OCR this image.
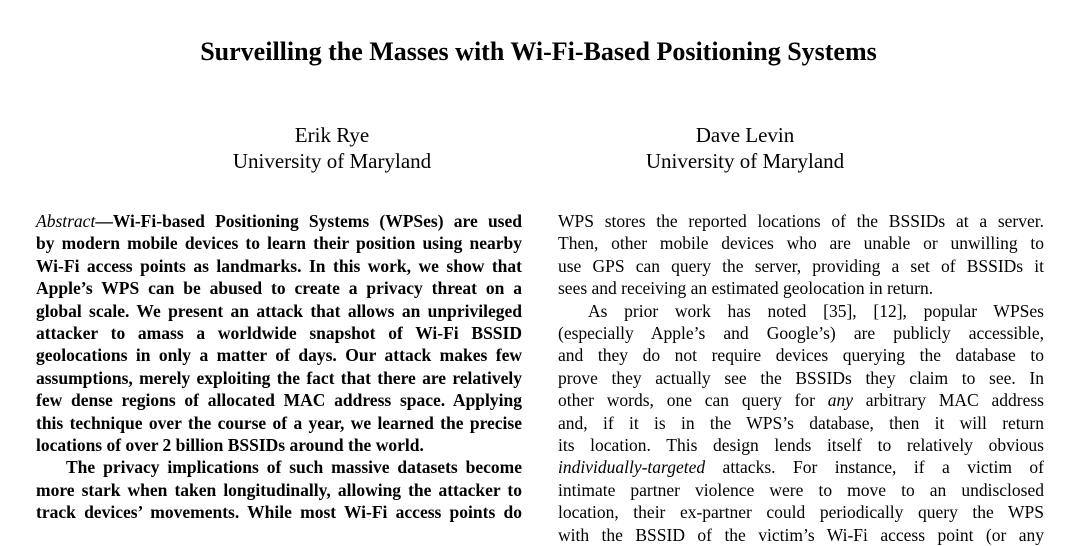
Surveilling the Masses with Wi-Fi-Based Positioning Systems
Erik Rye
University of Maryland
Dave Levin
University of Maryland
Abstract—Wi-Fi-based Positioning Systems (WPSes) are used
by modern mobile devices to learn their position using nearby
Wi-Fi access points as landmarks. In this work, we show that
Apple’s WPS can be abused to create a privacy threat on a
global scale. We present an attack that allows an unprivileged
attacker to amass a worldwide snapshot of Wi-Fi BSSID
geolocations in only a matter of days. Our attack makes few
assumptions, merely exploiting the fact that there are relatively
few dense regions of allocated MAC address space. Applying
this technique over the course of a year, we learned the precise
locations of over 2 billion BSSIDs around the world.
The privacy implications of such massive datasets become
more stark when taken longitudinally, allowing the attacker to
track devices’ movements. While most Wi-Fi access points do
WPS stores the reported locations of the BSSIDs at a server.
Then, other mobile devices who are unable or unwilling to
use GPS can query the server, providing a set of BSSIDs it
sees and receiving an estimated geolocation in return.
As prior work has noted [35], [12], popular WPSes
(especially Apple’s and Google’s) are publicly accessible,
and they do not require devices querying the database to
prove they actually see the BSSIDs they claim to see. In
other words, one can query for any arbitrary MAC address
and, if it is in the WPS’s database, then it will return
its location. This design lends itself to relatively obvious
individually-targeted attacks. For instance, if a victim of
intimate partner violence were to move to an undisclosed
location, their ex-partner could periodically query the WPS
with the BSSID of the victim’s Wi-Fi access point (or any
